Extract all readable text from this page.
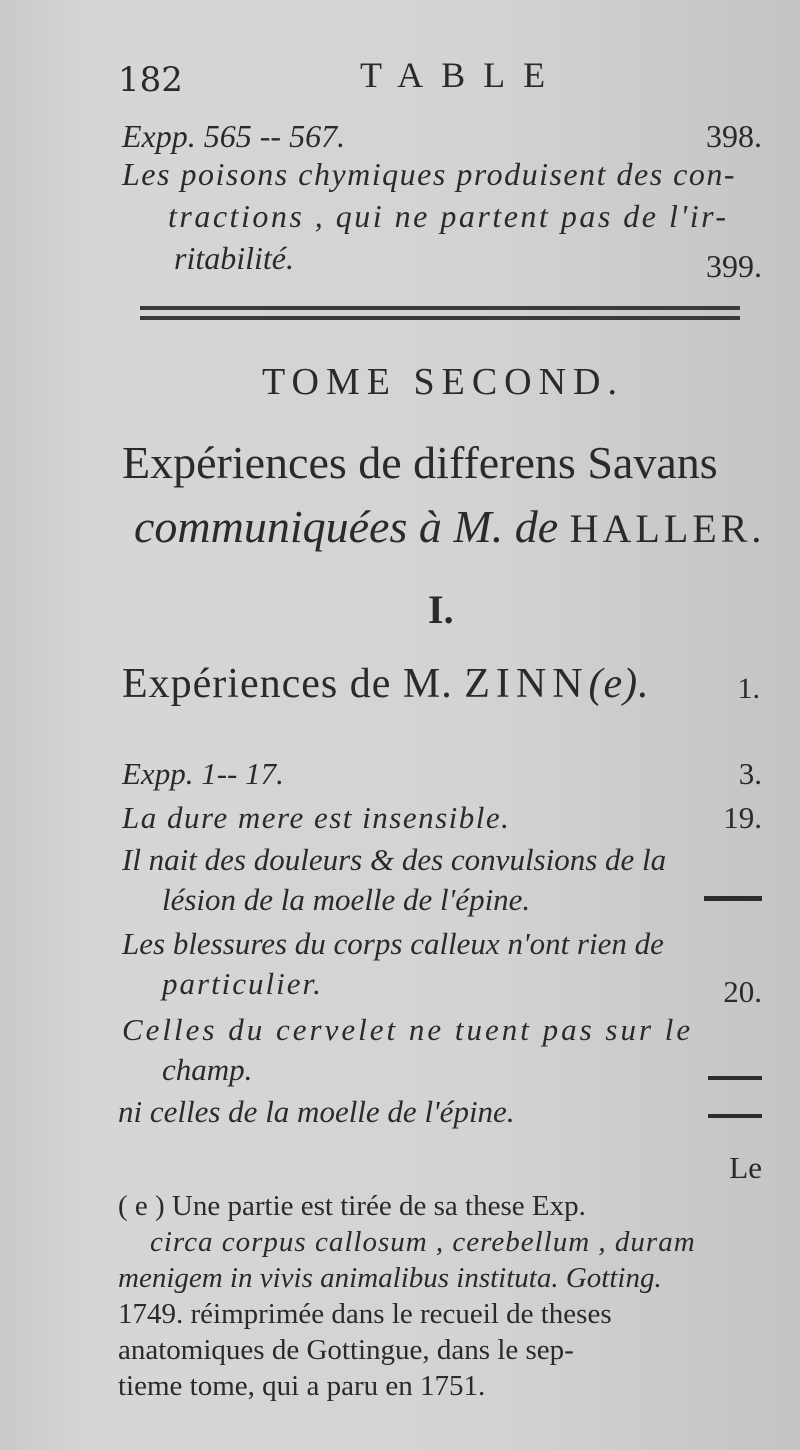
182	TABLE
Expp. 565 -- 567.	398.
Les poisons chymiques produisent des con-
tractions , qui ne partent pas de l'ir-
ritabilité.	399.
TOME SECOND.
Expériences de differens Savans
communiquées à M. de HALLER.
I.
Expériences de M. ZINN(e).	1.
Expp. 1-- 17.	3.
La dure mere est insensible.	19.
Il nait des douleurs & des convulsions de la
lésion de la moelle de l'épine.
Les blessures du corps calleux n'ont rien de
particulier.	20.
Celles du cervelet ne tuent pas sur le
champ.
ni celles de la moelle de l'épine.
Le
( e ) Une partie est tirée de sa these Exp.
circa corpus callosum , cerebellum , duram
menigem in vivis animalibus instituta. Gotting.
1749. réimprimée dans le recueil de theses
anatomiques de Gottingue, dans le sep-
tieme tome, qui a paru en 1751.
